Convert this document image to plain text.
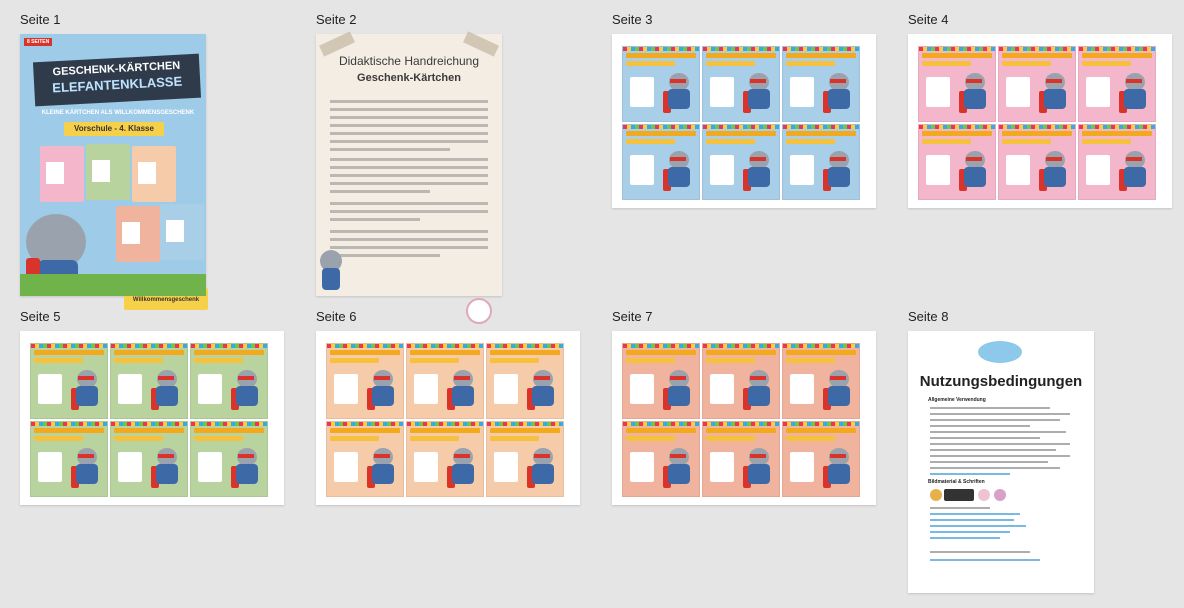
Seite 1	Seite 2	Seite 3	Seite 4
Seite 5	Seite 6	Seite 7	Seite 8
8 SEITEN
GESCHENK-KÄRTCHEN
ELEFANTENKLASSE
KLEINE KÄRTCHEN ALS WILLKOMMENSGESCHENK
Vorschule - 4. Klasse
Willkommensgeschenk
Didaktische Handreichung
Geschenk-Kärtchen
Nutzungsbedingungen
Allgemeine Verwendung
Bildmaterial & Schriften
